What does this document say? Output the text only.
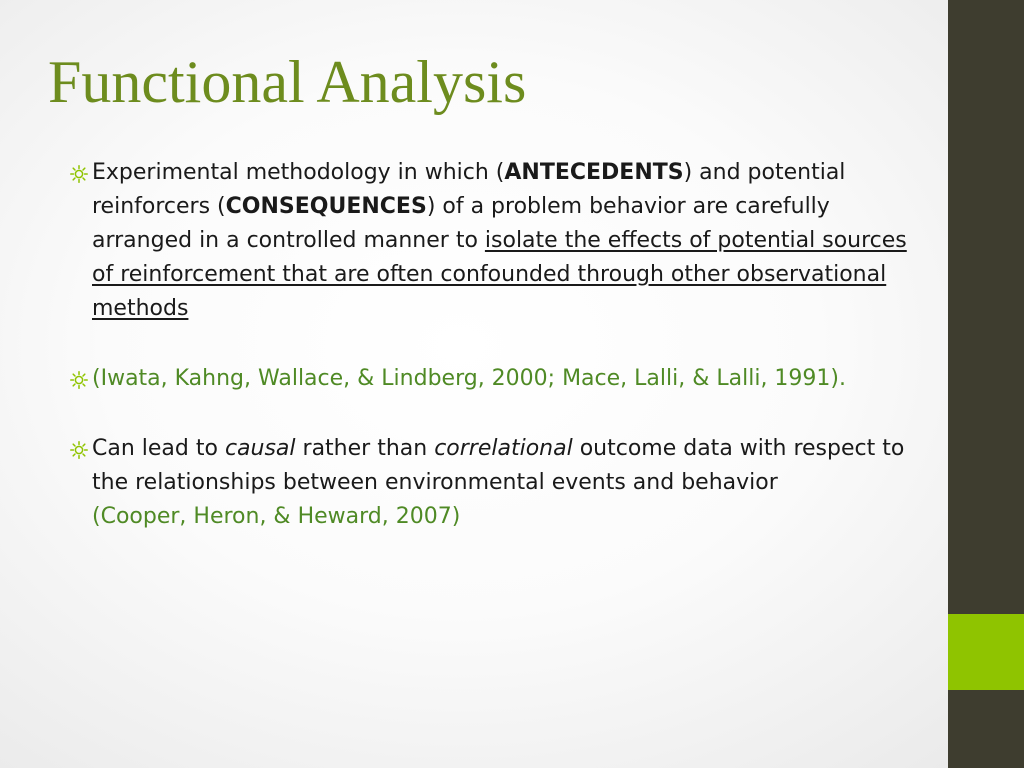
Functional Analysis
Experimental methodology in which (ANTECEDENTS) and potential reinforcers (CONSEQUENCES) of a problem behavior are carefully arranged in a controlled manner to isolate the effects of potential sources of reinforcement that are often confounded through other observational methods
(Iwata, Kahng, Wallace, & Lindberg, 2000; Mace, Lalli, & Lalli, 1991).
Can lead to causal rather than correlational outcome data with respect to the relationships between environmental events and behavior(Cooper, Heron, & Heward, 2007)
